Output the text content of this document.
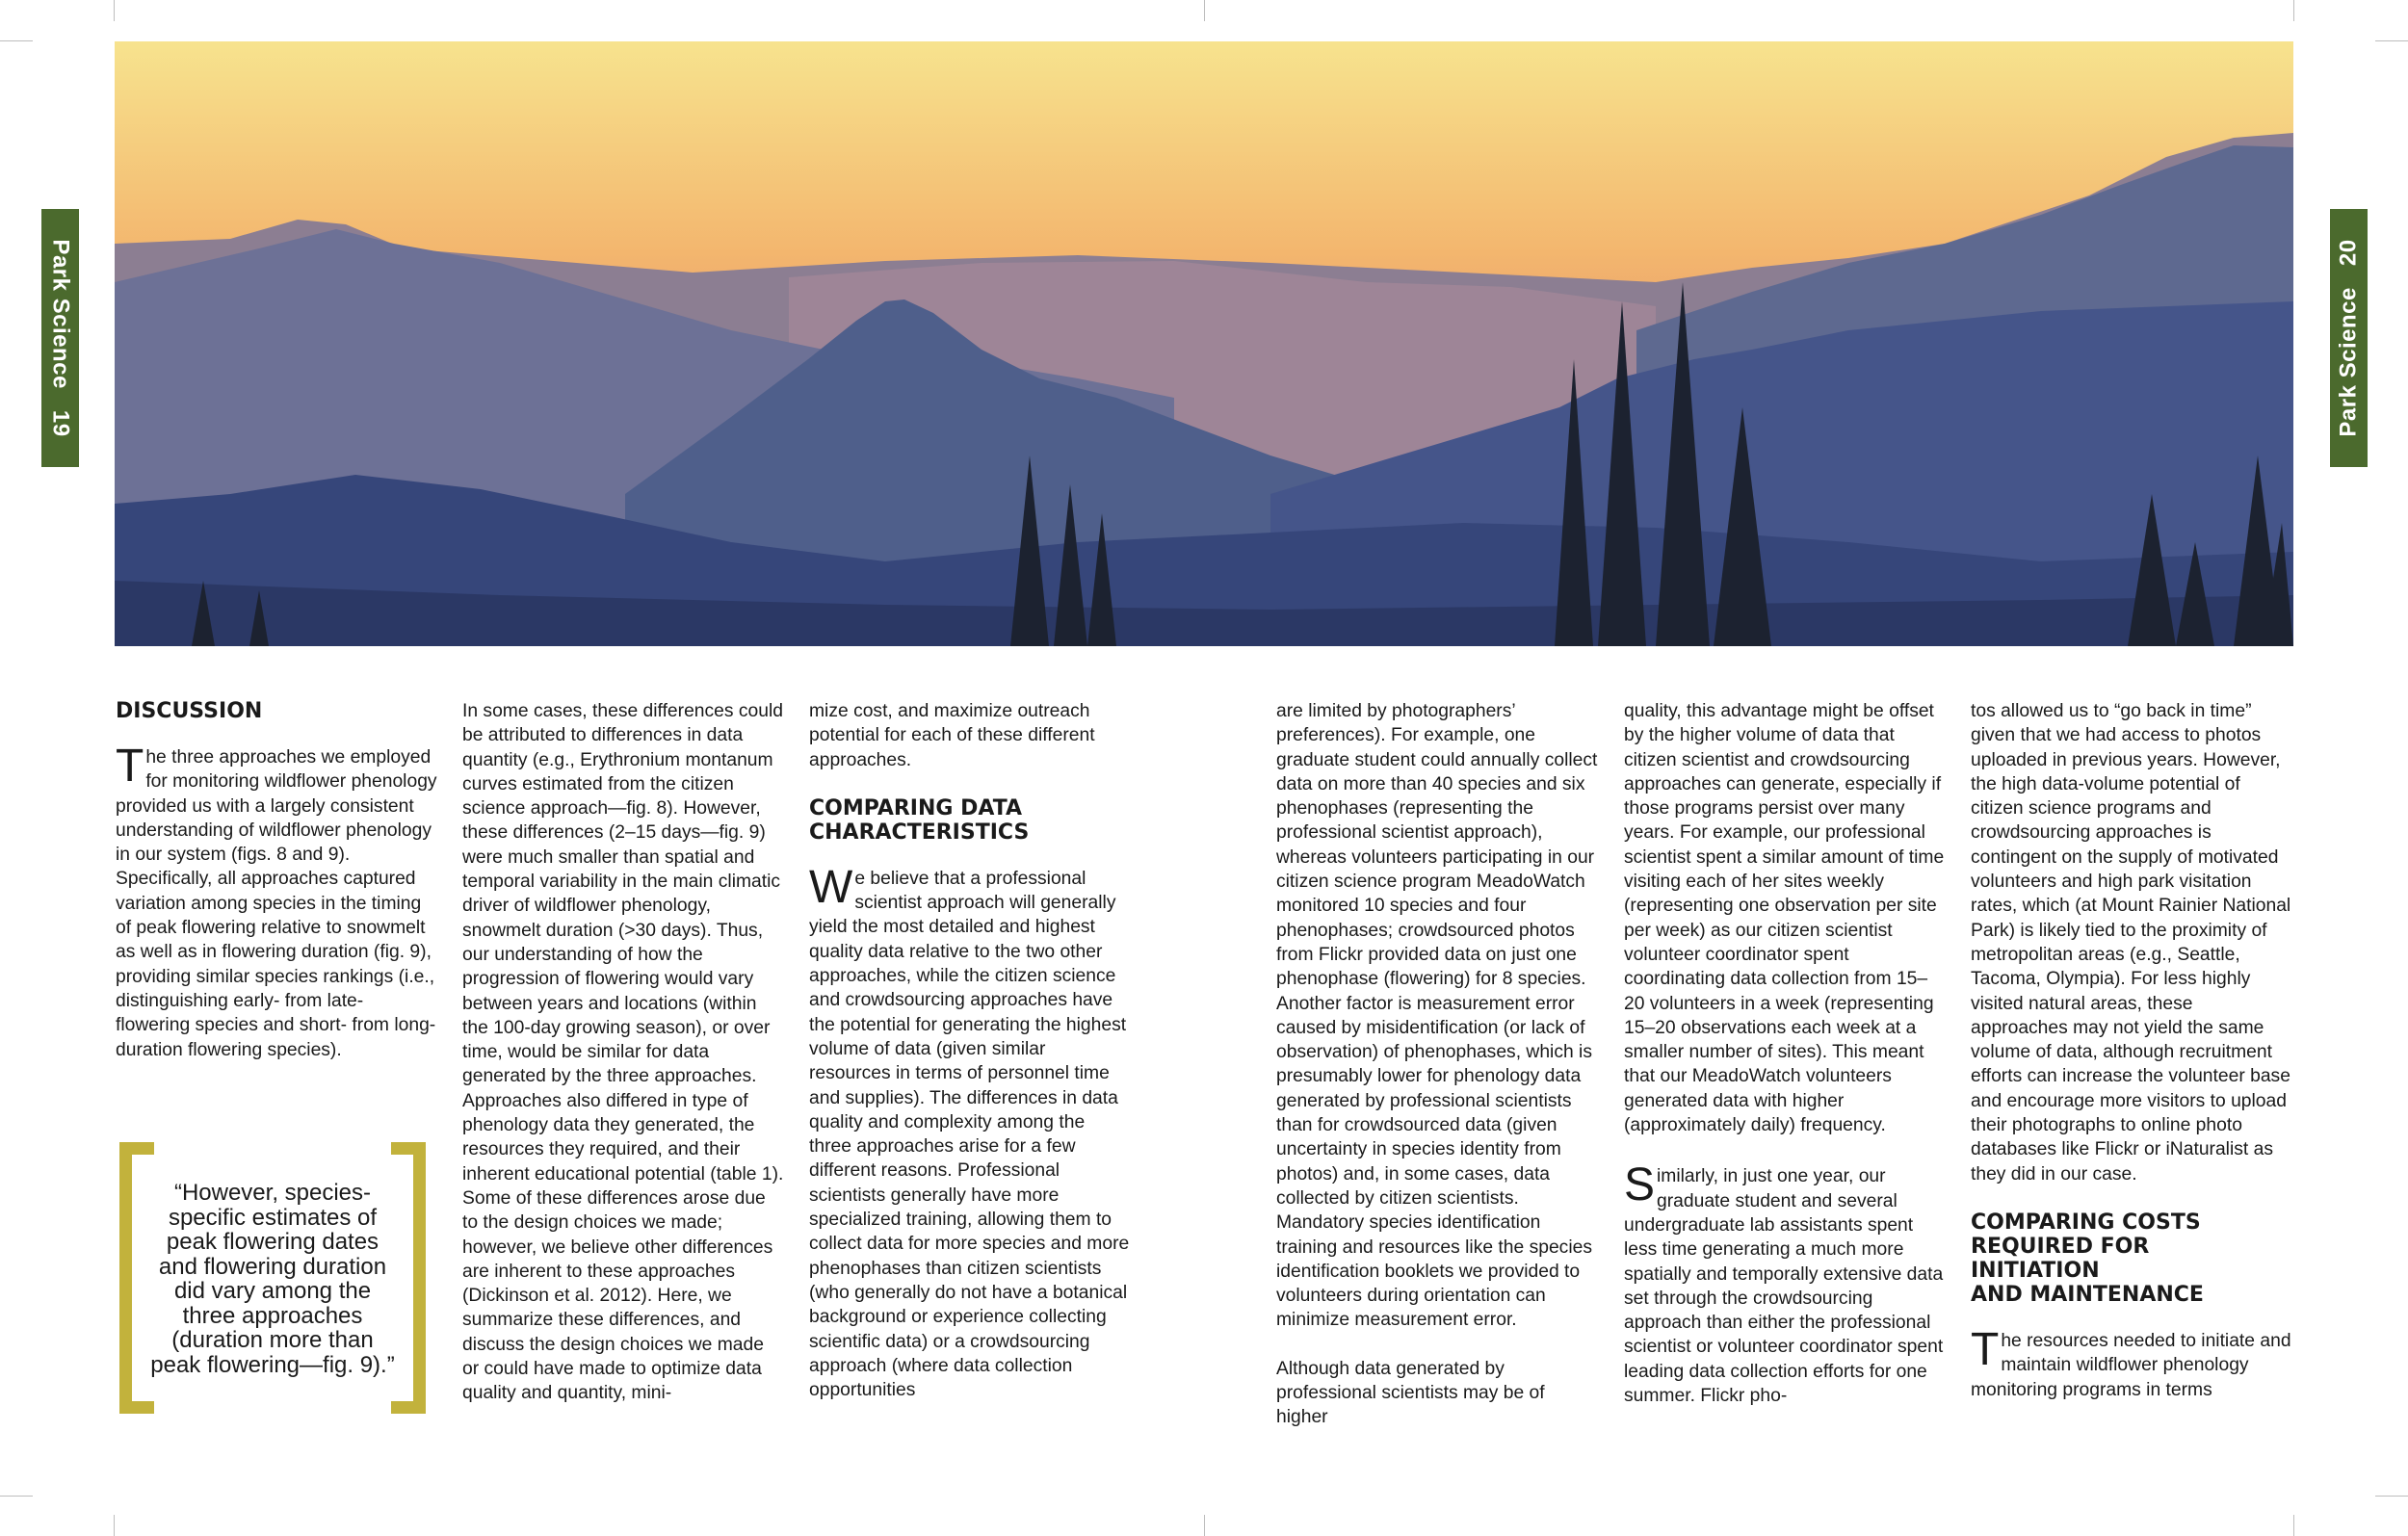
Park Science
19	Park Science
20
DISCUSSION

The three approaches we employed for monitoring wildflower phenology provided us with a largely consistent understanding of wildflower phenology in our system (figs. 8 and 9). Specifically, all approaches captured variation among species in the timing of peak flowering relative to snowmelt as well as in flowering duration (fig. 9), providing similar species rankings (i.e., distinguishing early- from late-flowering species and short- from long-duration flowering species).

“However, species-specific estimates of peak flowering dates and flowering duration did vary among the three approaches (duration more than peak flowering—fig. 9).”

In some cases, these differences could be attributed to differences in data quantity (e.g., Erythronium montanum curves estimated from the citizen science approach—fig. 8). However, these differences (2–15 days—fig. 9) were much smaller than spatial and temporal variability in the main climatic driver of wildflower phenology, snowmelt duration (>30 days). Thus, our understanding of how the progression of flowering would vary between years and locations (within the 100-day growing season), or over time, would be similar for data generated by the three approaches. Approaches also differed in type of phenology data they generated, the resources they required, and their inherent educational potential (table 1). Some of these differences arose due to the design choices we made; however, we believe other differences are inherent to these approaches (Dickinson et al. 2012). Here, we summarize these differences, and discuss the design choices we made or could have made to optimize data quality and quantity, mini-

mize cost, and maximize outreach potential for each of these different approaches.

COMPARING DATA CHARACTERISTICS

We believe that a professional scientist approach will generally yield the most detailed and highest quality data relative to the two other approaches, while the citizen science and crowdsourcing approaches have the potential for generating the highest volume of data (given similar resources in terms of personnel time and supplies). The differences in data quality and complexity among the three approaches arise for a few different reasons. Professional scientists generally have more specialized training, allowing them to collect data for more species and more phenophases than citizen scientists (who generally do not have a botanical background or experience collecting scientific data) or a crowdsourcing approach (where data collection opportunities

are limited by photographers’ preferences). For example, one graduate student could annually collect data on more than 40 species and six phenophases (representing the professional scientist approach), whereas volunteers participating in our citizen science program MeadoWatch monitored 10 species and four phenophases; crowdsourced photos from Flickr provided data on just one phenophase (flowering) for 8 species. Another factor is measurement error caused by misidentification (or lack of observation) of phenophases, which is presumably lower for phenology data generated by professional scientists than for crowdsourced data (given uncertainty in species identity from photos) and, in some cases, data collected by citizen scientists. Mandatory species identification training and resources like the species identification booklets we provided to volunteers during orientation can minimize measurement error.

Although data generated by professional scientists may be of higher

quality, this advantage might be offset by the higher volume of data that citizen scientist and crowdsourcing approaches can generate, especially if those programs persist over many years. For example, our professional scientist spent a similar amount of time visiting each of her sites weekly (representing one observation per site per week) as our citizen scientist volunteer coordinator spent coordinating data collection from 15–20 volunteers in a week (representing 15–20 observations each week at a smaller number of sites). This meant that our MeadoWatch volunteers generated data with higher (approximately daily) frequency.

Similarly, in just one year, our graduate student and several undergraduate lab assistants spent less time generating a much more spatially and temporally extensive data set through the crowdsourcing approach than either the professional scientist or volunteer coordinator spent leading data collection efforts for one summer. Flickr pho-

tos allowed us to “go back in time” given that we had access to photos uploaded in previous years. However, the high data-volume potential of citizen science programs and crowdsourcing approaches is contingent on the supply of motivated volunteers and high park visitation rates, which (at Mount Rainier National Park) is likely tied to the proximity of metropolitan areas (e.g., Seattle, Tacoma, Olympia). For less highly visited natural areas, these approaches may not yield the same volume of data, although recruitment efforts can increase the volunteer base and encourage more visitors to upload their photographs to online photo databases like Flickr or iNaturalist as they did in our case.

COMPARING COSTS
REQUIRED FOR INITIATION
AND MAINTENANCE

The resources needed to initiate and maintain wildflower phenology monitoring programs in terms
